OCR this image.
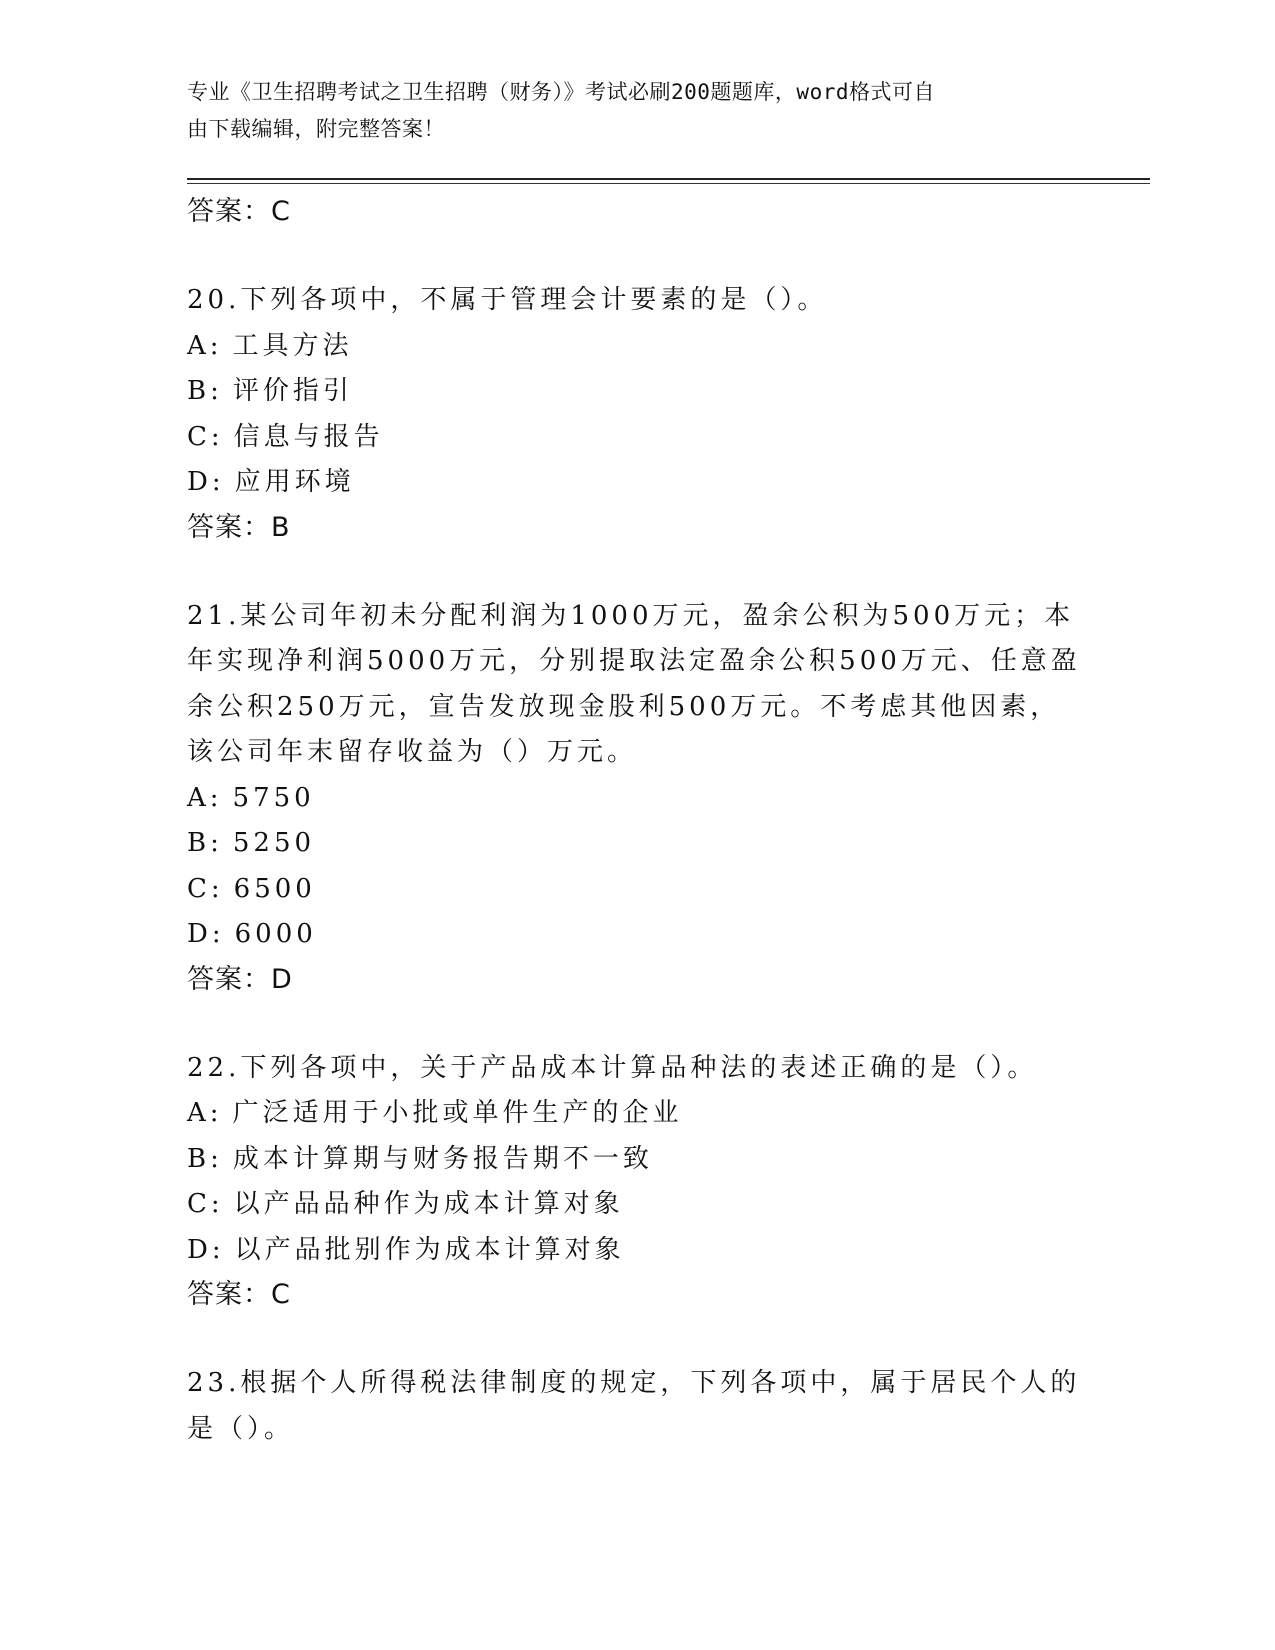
专业《卫生招聘考试之卫生招聘（财务）》考试必刷200题题库，word格式可自
由下载编辑，附完整答案！
答案：C
20.下列各项中，不属于管理会计要素的是（）。
A: 工具方法
B: 评价指引
C: 信息与报告
D: 应用环境
答案：B
21.某公司年初未分配利润为1000万元，盈余公积为500万元；本年实现净利润5000万元，分别提取法定盈余公积500万元、任意盈余公积250万元，宣告发放现金股利500万元。不考虑其他因素，该公司年末留存收益为（）万元。
A: 5750
B: 5250
C: 6500
D: 6000
答案：D
22.下列各项中，关于产品成本计算品种法的表述正确的是（）。
A: 广泛适用于小批或单件生产的企业
B: 成本计算期与财务报告期不一致
C: 以产品品种作为成本计算对象
D: 以产品批别作为成本计算对象
答案：C
23.根据个人所得税法律制度的规定，下列各项中，属于居民个人的是（）。
